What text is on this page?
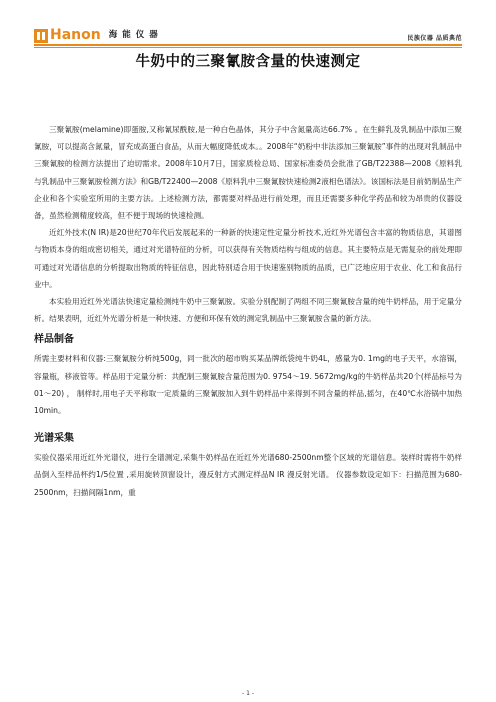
Hanon 海能仪器	民族仪器 品质典范
牛奶中的三聚氰胺含量的快速测定

三聚氰胺(melamine)即蛋胺,又称氰尿酰胺,是一种白色晶体，其分子中含氮量高达66.7% 。在生鲜乳及乳制品中添加三聚氰胺，可以提高含氮量，冒充成高蛋白食品，从而大幅度降低成本。。2008年“奶粉中非法添加三聚氰胺”事件的出现对乳制品中三聚氰胺的检测方法提出了迫切需求。2008年10月7日，国家质检总局、国家标准委员会批准了GB/T22388—2008《原料乳与乳制品中三聚氰胺检测方法》和GB/T22400—2008《原料乳中三聚氰胺快速检测2液相色谱法》。该国标法是目前奶制品生产企业和各个实验室所用的主要方法。上述检测方法，都需要对样品进行前处理，而且还需要多种化学药品和较为昂贵的仪器设备，虽然检测精度较高，但不便于现场的快速检测。

近红外技术(N IR)是20世纪70年代后发展起来的一种新的快速定性定量分析技术,近红外光谱包含丰富的物质信息，其谱图与物质本身的组成密切相关，通过对光谱特征的分析，可以获得有关物质结构与组成的信息。其主要特点是无需复杂的前处理即可通过对光谱信息的分析提取出物质的特征信息，因此特别适合用于快速鉴别物质的品质，已广泛地应用于农业、化工和食品行业中。

本实验用近红外光谱法快速定量检测纯牛奶中三聚氰胺。实验分别配制了两组不同三聚氰胺含量的纯牛奶样品，用于定量分析。结果表明，近红外光谱分析是一种快速、方便和环保有效的测定乳制品中三聚氰胺含量的新方法。

样品制备

所需主要材料和仪器:三聚氰胺分析纯500g，同一批次的超市购买某品牌纸袋纯牛奶4L，感量为0. 1mg的电子天平，水溶锅，容量瓶，移液管等。样品用于定量分析：共配制三聚氰胺含量范围为0. 9754～19. 5672mg/kg的牛奶样品共20个(样品标号为01～20) ， 制样时,用电子天平称取一定质量的三聚氰胺加入到牛奶样品中来得到不同含量的样品,摇匀，在40℃水浴锅中加热10min。

光谱采集

实验仪器采用近红外光谱仪，进行全谱测定,采集牛奶样品在近红外光谱680-2500nm整个区域的光谱信息。装样时需将牛奶样品倒入至样品杯约1/5位置 ,采用旋转顶窗设计，漫反射方式测定样品N IR 漫反射光谱。 仪器参数设定如下：扫描范围为680-2500nm，扫描间隔1nm，重

- 1 -
